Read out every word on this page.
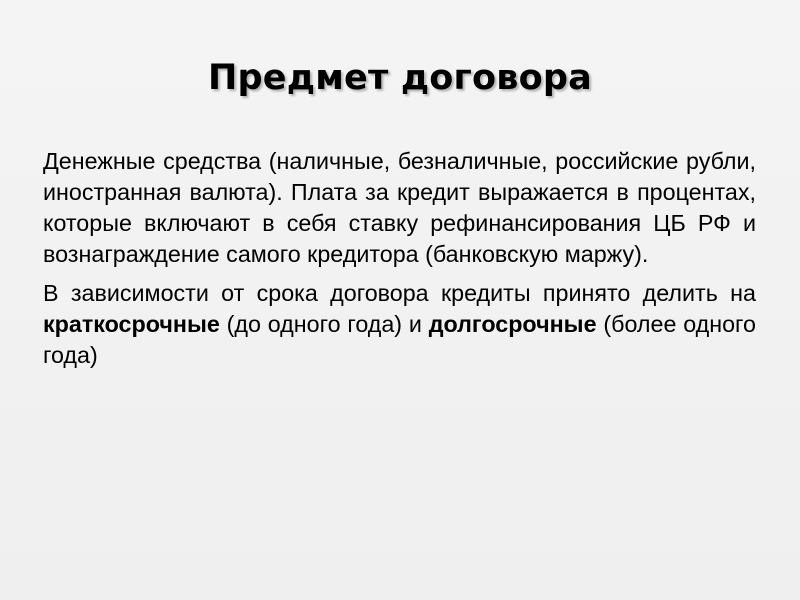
Предмет договора

Денежные средства (наличные, безналичные, российские рубли, иностранная валюта). Плата за кредит выражается в процентах, которые включают в себя ставку рефинансирования ЦБ РФ и вознаграждение самого кредитора (банковскую маржу).

В зависимости от срока договора кредиты принято делить на краткосрочные (до одного года) и долгосрочные (более одного года)
